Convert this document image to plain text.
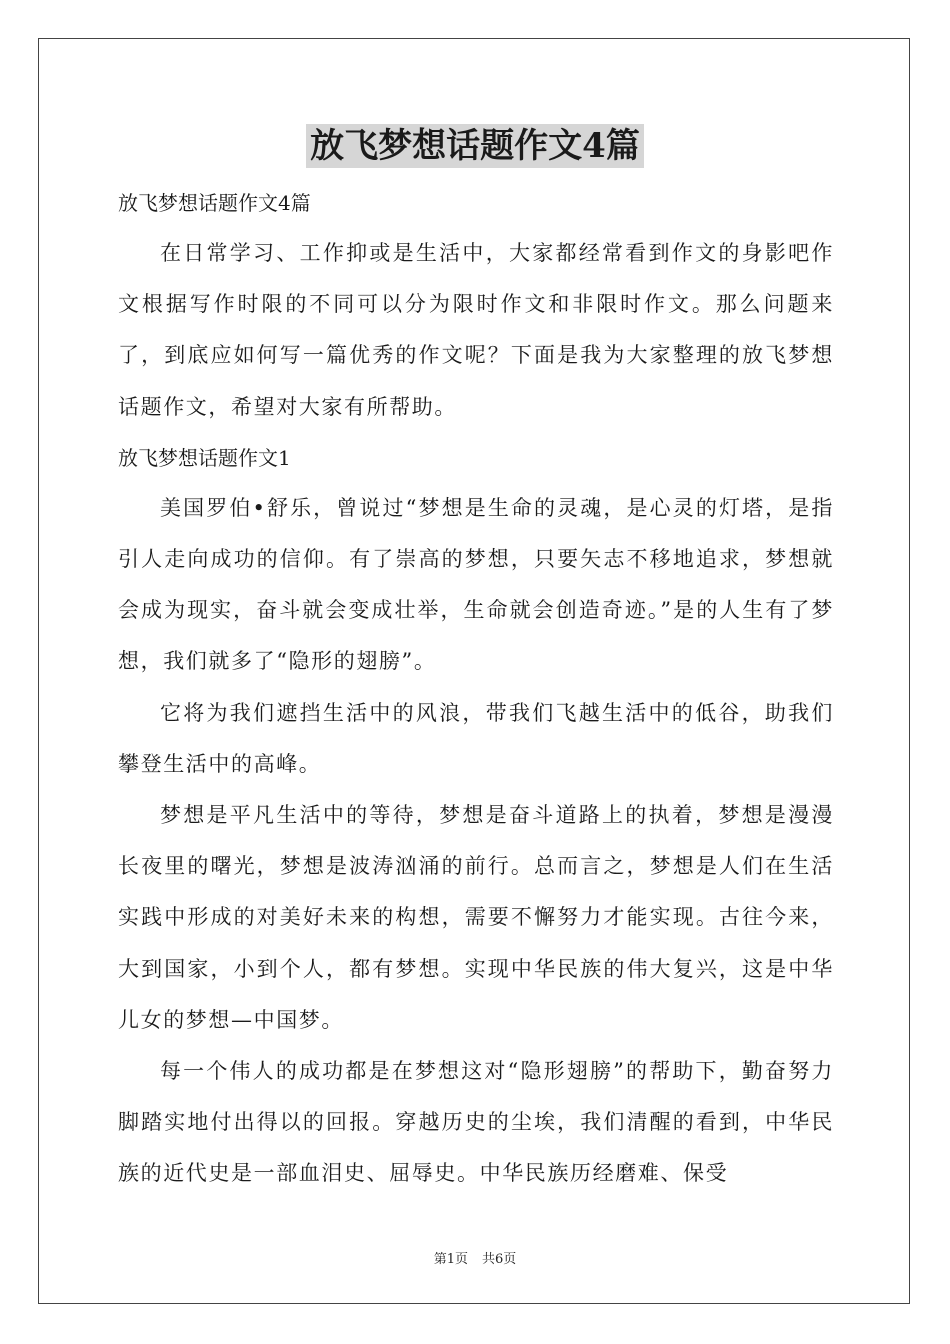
放飞梦想话题作文4篇

放飞梦想话题作文4篇

在日常学习、工作抑或是生活中，大家都经常看到作文的身影吧作文根据写作时限的不同可以分为限时作文和非限时作文。那么问题来了，到底应如何写一篇优秀的作文呢？下面是我为大家整理的放飞梦想话题作文，希望对大家有所帮助。

放飞梦想话题作文1

美国罗伯•舒乐，曾说过“梦想是生命的灵魂，是心灵的灯塔，是指引人走向成功的信仰。有了崇高的梦想，只要矢志不移地追求，梦想就会成为现实，奋斗就会变成壮举，生命就会创造奇迹。”是的人生有了梦想，我们就多了“隐形的翅膀”。

它将为我们遮挡生活中的风浪，带我们飞越生活中的低谷，助我们攀登生活中的高峰。

梦想是平凡生活中的等待，梦想是奋斗道路上的执着，梦想是漫漫长夜里的曙光，梦想是波涛汹涌的前行。总而言之，梦想是人们在生活实践中形成的对美好未来的构想，需要不懈努力才能实现。古往今来，大到国家，小到个人，都有梦想。实现中华民族的伟大复兴，这是中华儿女的梦想—中国梦。

每一个伟人的成功都是在梦想这对“隐形翅膀”的帮助下，勤奋努力脚踏实地付出得以的回报。穿越历史的尘埃，我们清醒的看到，中华民族的近代史是一部血泪史、屈辱史。中华民族历经磨难、保受

第1页 共6页
